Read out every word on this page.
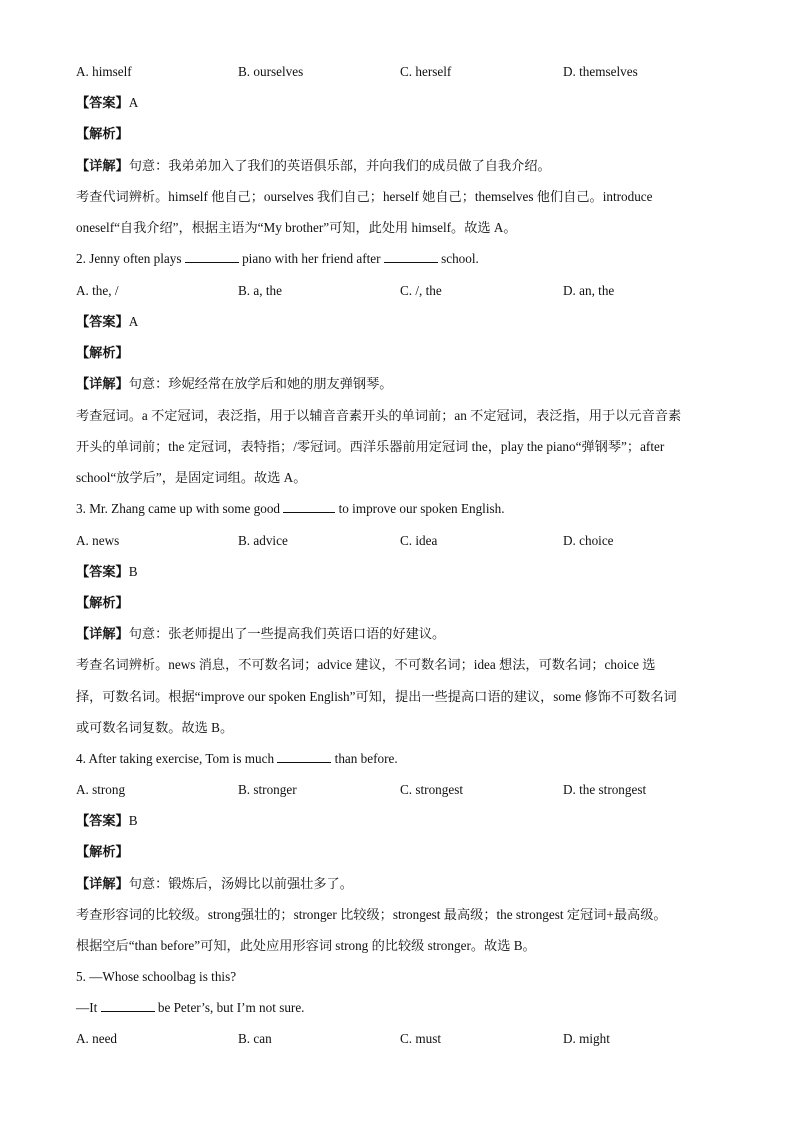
A. himself	B. ourselves	C. herself	D. themselves
【答案】A
【解析】
【详解】句意：我弟弟加入了我们的英语俱乐部，并向我们的成员做了自我介绍。
考查代词辨析。himself 他自己；ourselves 我们自己；herself 她自己；themselves 他们自己。introduce
oneself“自我介绍”，根据主语为“My brother”可知，此处用 himself。故选 A。
2. Jenny often plays	piano with her friend after	school.
A. the, /	B. a, the	C. /, the	D. an, the
【答案】A
【解析】
【详解】句意：珍妮经常在放学后和她的朋友弹钢琴。
考查冠词。a 不定冠词，表泛指，用于以辅音音素开头的单词前；an 不定冠词，表泛指，用于以元音音素
开头的单词前；the 定冠词，表特指；/零冠词。西洋乐器前用定冠词 the，play the piano“弹钢琴”；after
school“放学后”，是固定词组。故选 A。
3. Mr. Zhang came up with some good	to improve our spoken English.
A. news	B. advice	C. idea	D. choice
【答案】B
【解析】
【详解】句意：张老师提出了一些提高我们英语口语的好建议。
考查名词辨析。news 消息，不可数名词；advice 建议，不可数名词；idea 想法，可数名词；choice 选
择，可数名词。根据“improve our spoken English”可知，提出一些提高口语的建议，some 修饰不可数名词
或可数名词复数。故选 B。
4. After taking exercise, Tom is much	than before.
A. strong	B. stronger	C. strongest	D. the strongest
【答案】B
【解析】
【详解】句意：锻炼后，汤姆比以前强壮多了。
考查形容词的比较级。strong强壮的；stronger 比较级；strongest 最高级；the strongest 定冠词+最高级。
根据空后“than before”可知，此处应用形容词 strong 的比较级 stronger。故选 B。
5. —Whose schoolbag is this?
—It	be Peter’s, but I’m not sure.
A. need	B. can	C. must	D. might
